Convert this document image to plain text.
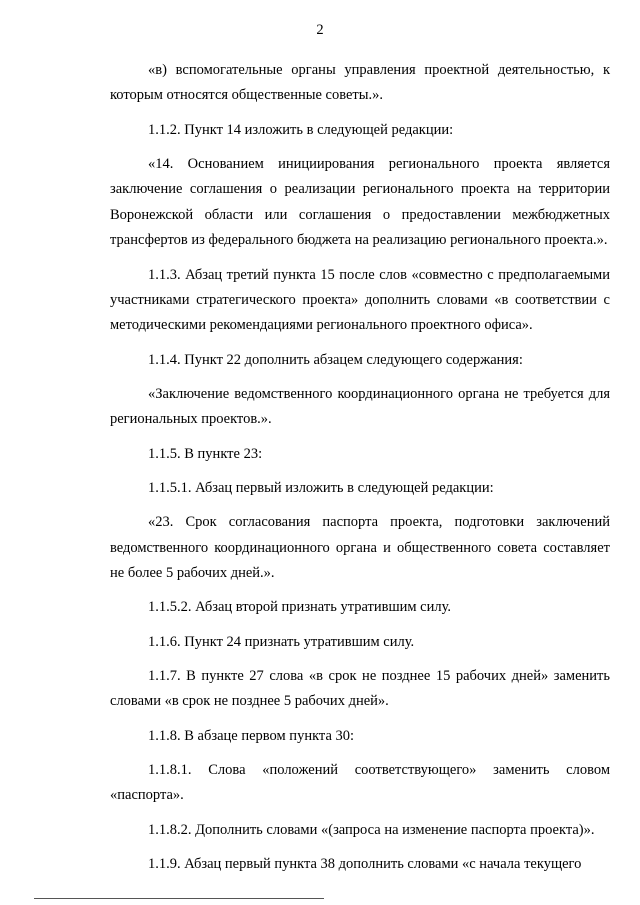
2

«в) вспомогательные органы управления проектной деятельностью, к которым относятся общественные советы.».

1.1.2. Пункт 14 изложить в следующей редакции:

«14. Основанием инициирования регионального проекта является заключение соглашения о реализации регионального проекта на территории Воронежской области или соглашения о предоставлении межбюджетных трансфертов из федерального бюджета на реализацию регионального проекта.».

1.1.3. Абзац третий пункта 15 после слов «совместно с предполагаемыми участниками стратегического проекта» дополнить словами «в соответствии с методическими рекомендациями регионального проектного офиса».

1.1.4. Пункт 22 дополнить абзацем следующего содержания:

«Заключение ведомственного координационного органа не требуется для региональных проектов.».

1.1.5. В пункте 23:

1.1.5.1. Абзац первый изложить в следующей редакции:

«23. Срок согласования паспорта проекта, подготовки заключений ведомственного координационного органа и общественного совета составляет не более 5 рабочих дней.».

1.1.5.2. Абзац второй признать утратившим силу.

1.1.6. Пункт 24 признать утратившим силу.

1.1.7. В пункте 27 слова «в срок не позднее 15 рабочих дней» заменить словами «в срок не позднее 5 рабочих дней».

1.1.8. В абзаце первом пункта 30:

1.1.8.1. Слова «положений соответствующего» заменить словом «паспорта».

1.1.8.2. Дополнить словами «(запроса на изменение паспорта проекта)».

1.1.9. Абзац первый пункта 38 дополнить словами «с начала текущего
